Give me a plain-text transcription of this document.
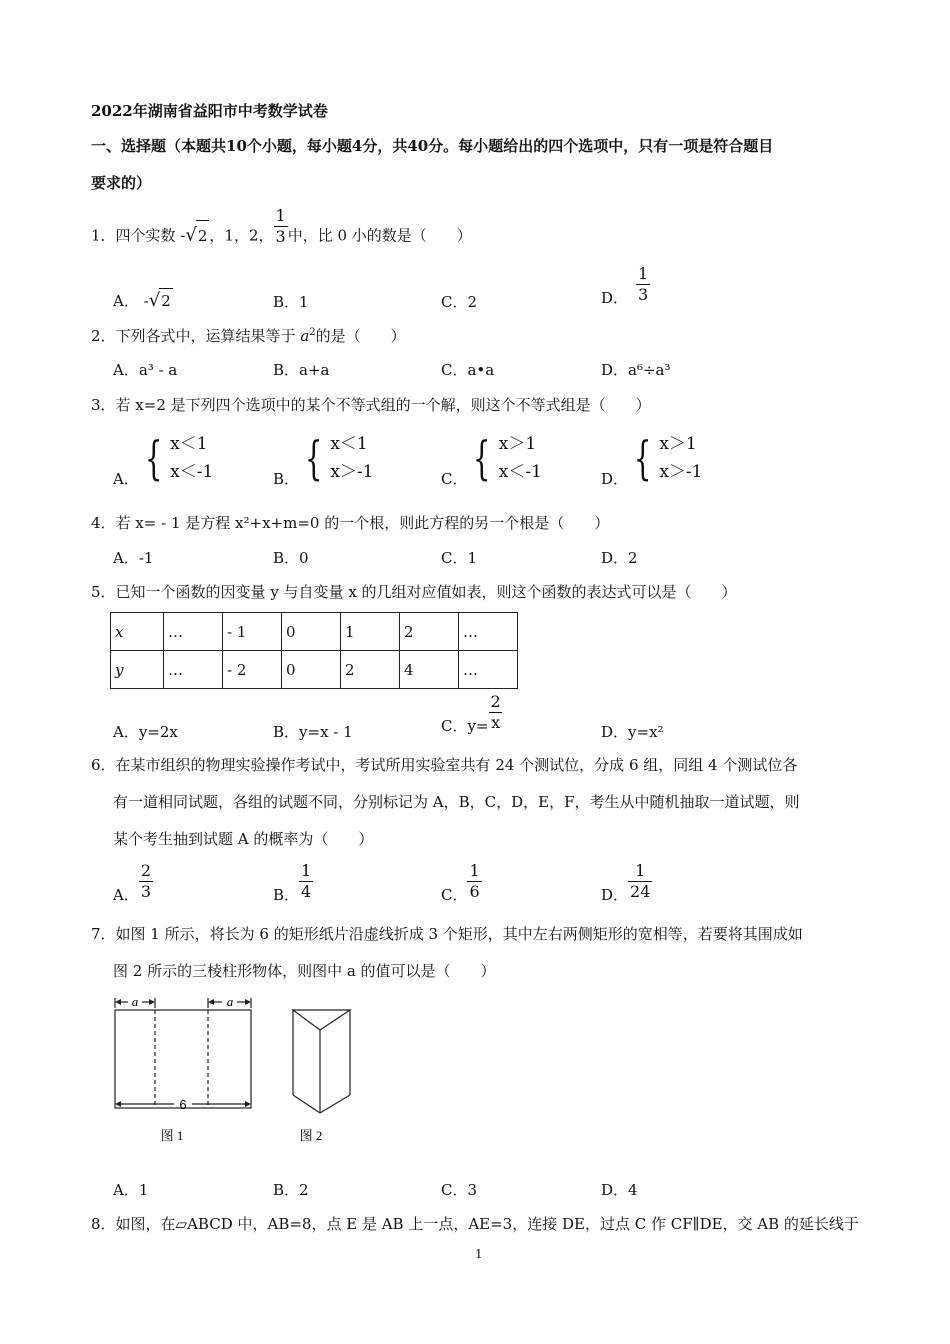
2022年湖南省益阳市中考数学试卷
一、选择题（本题共10个小题，每小题4分，共40分。每小题给出的四个选项中，只有一项是符合题目
要求的）
1．四个实数 -√2 ，1，2， $\frac{1}{3}$ 中，比 0 小的数是（　　）
A． -√2	B．1	C．2	D． $\frac{1}{3}$
2．下列各式中，运算结果等于 $a^2$的是（　　）
A．a³ - a	B．a+a	C．a•a	D．a⁶÷a³
3．若 x=2 是下列四个选项中的某个不等式组的一个解，则这个不等式组是（　　）
A． { x＜1
x＜-1	B． { x＜1
x＞-1	C． { x＞1
x＜-1	D． { x＞1
x＞-1
4．若 x= - 1 是方程 x²+x+m=0 的一个根，则此方程的另一个根是（　　）
A．-1	B．0	C．1	D．2
5．已知一个函数的因变量 y 与自变量 x 的几组对应值如表，则这个函数的表达式可以是（　　）
x	…	- 1	0	1	2	…
y	…	- 2	0	2	4	…
A．y=2x	B．y=x - 1	C．$y= \frac{2}{x}$
D．y=x²
6．在某市组织的物理实验操作考试中，考试所用实验室共有 24 个测试位，分成 6 组，同组 4 个测试位各
有一道相同试题，各组的试题不同，分别标记为 A，B，C，D，E，F，考生从中随机抽取一道试题，则
某个考生抽到试题 A 的概率为（　　）
A． $\frac{2}{3}$	B． $\frac{1}{4}$	C． $\frac{1}{6}$	D． $\frac{1}{24}$
7．如图 1 所示，将长为 6 的矩形纸片沿虚线折成 3 个矩形，其中左右两侧矩形的宽相等，若要将其围成如
图 2 所示的三棱柱形物体，则图中 a 的值可以是（　　）
a	a
6
图 1	图 2
A．1	B．2	C．3	D．4
8．如图，在▱ABCD 中，AB=8，点 E 是 AB 上一点，AE=3，连接 DE，过点 C 作 CF∥DE，交 AB 的延长线于
1
